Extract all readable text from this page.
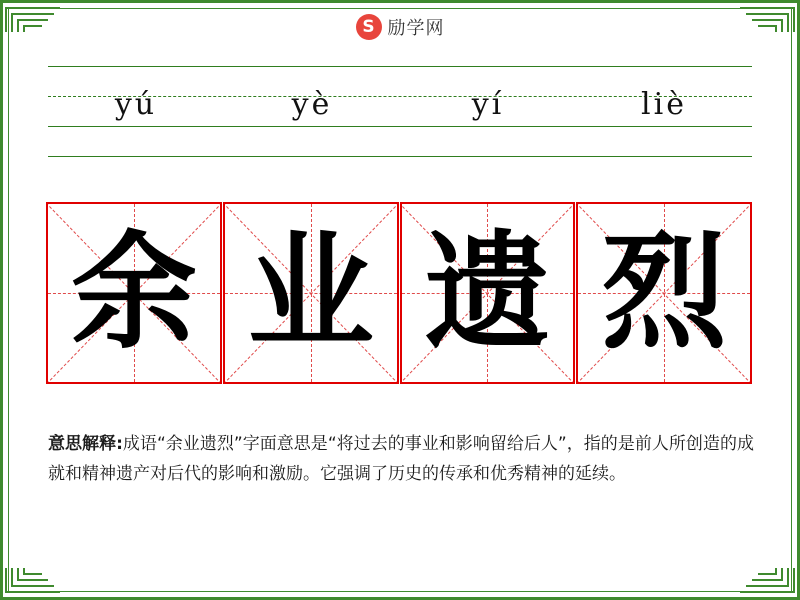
S 励学网
yú	yè	yí	liè
余 业 遗 烈
意思解释:成语“余业遗烈”字面意思是“将过去的事业和影响留给后人”，指的是前人所创造的成就和精神遗产对后代的影响和激励。它强调了历史的传承和优秀精神的延续。
